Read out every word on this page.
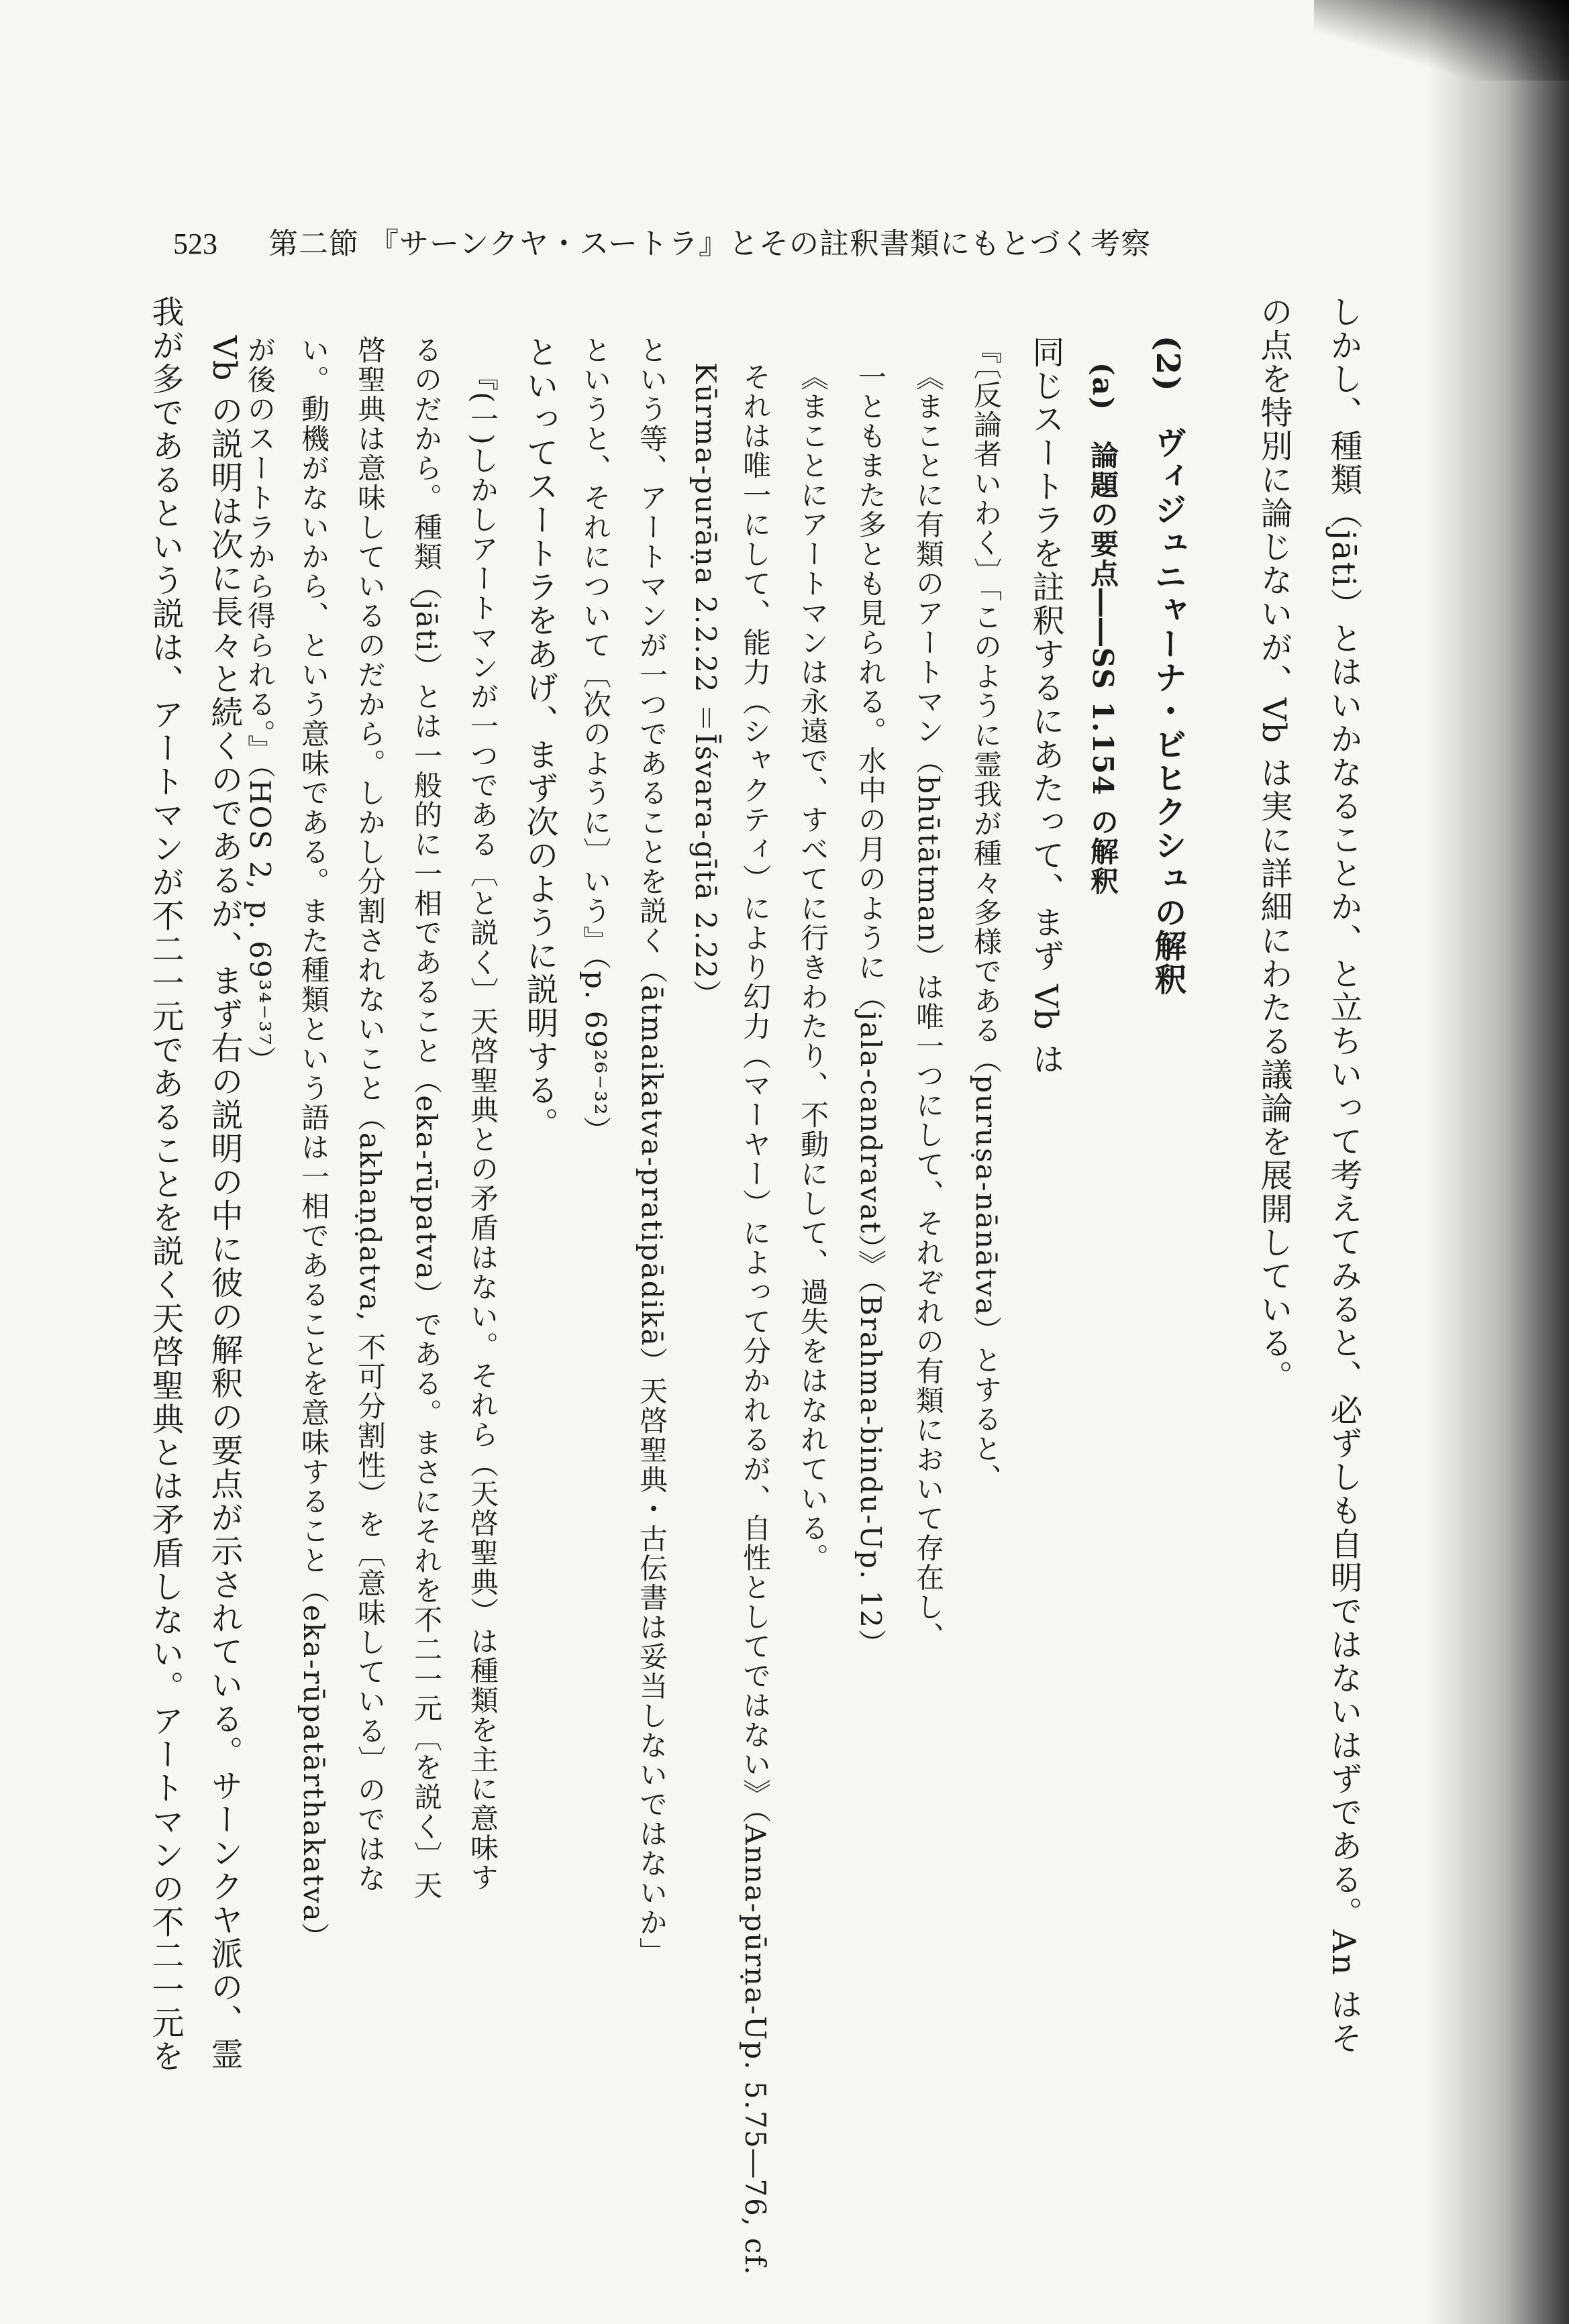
523 第二節 『サーンクヤ・スートラ』とその註釈書類にもとづく考察
しかし、種類（jāti）とはいかなることか、と立ちいって考えてみると、必ずしも自明ではないはずである。An はそ
の点を特別に論じないが、Vb は実に詳細にわたる議論を展開している。
(2)　ヴィジュニャーナ・ビヒクシュの解釈
(a)　論題の要点――SS 1.154 の解釈
同じスートラを註釈するにあたって、まず Vb は
『〔反論者いわく〕「このように霊我が種々多様である（puruṣa-nānātva）とすると、
《まことに有類のアートマン（bhūtātman）は唯一つにして、それぞれの有類において存在し、
一ともまた多とも見られる。水中の月のように（jala-candravat）》（Brahma-bindu-Up. 12）
《まことにアートマンは永遠で、すべてに行きわたり、不動にして、過失をはなれている。
それは唯一にして、能力（シャクティ）により幻力（マーヤー）によって分かれるが、自性としてではない》（Anna-pūrṇa-Up. 5.75―76, cf.
Kūrma-purāṇa 2.2.22 ＝Īśvara-gītā 2.22）
という等、アートマンが一つであることを説く（ātmaikatva-pratipādikā）天啓聖典・古伝書は妥当しないではないか」
というと、それについて〔次のように〕いう』（p. 69²⁶⁻³²）
といってスートラをあげ、まず次のように説明する。
『(一)しかしアートマンが一つである〔と説く〕天啓聖典との矛盾はない。それら（天啓聖典）は種類を主に意味す
るのだから。種類（jāti）とは一般的に一相であること（eka-rūpatva）である。まさにそれを不二一元〔を説く〕天
啓聖典は意味しているのだから。しかし分割されないこと（akhaṇḍatva, 不可分割性）を〔意味している〕のではな
い。動機がないから、という意味である。また種類という語は一相であることを意味すること（eka-rūpatārthakatva）
が後のスートラから得られる。』（HOS 2, p. 69³⁴⁻³⁷）
Vb の説明は次に長々と続くのであるが、まず右の説明の中に彼の解釈の要点が示されている。サーンクヤ派の、霊
我が多であるという説は、アートマンが不二一元であることを説く天啓聖典とは矛盾しない。アートマンの不二一元を
